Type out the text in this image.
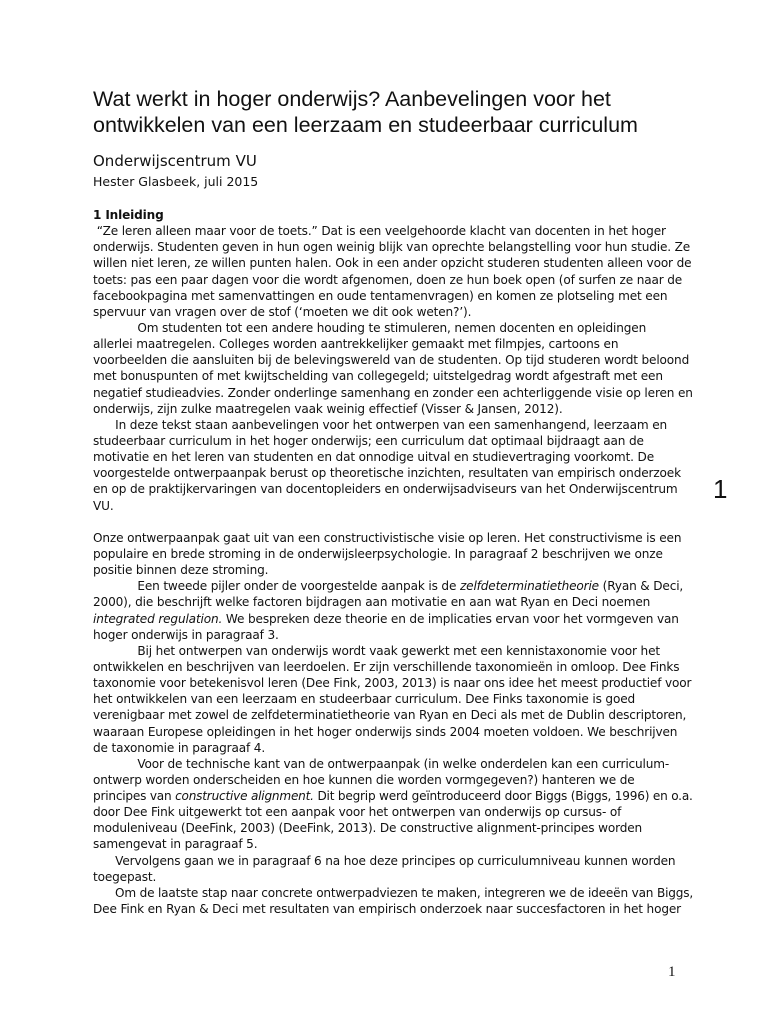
Wat werkt in hoger onderwijs? Aanbevelingen voor het
ontwikkelen van een leerzaam en studeerbaar curriculum
Onderwijscentrum VU
Hester Glasbeek, juli 2015
1 Inleiding
“Ze leren alleen maar voor de toets.” Dat is een veelgehoorde klacht van docenten in het hoger
onderwijs. Studenten geven in hun ogen weinig blijk van oprechte belangstelling voor hun studie. Ze
willen niet leren, ze willen punten halen. Ook in een ander opzicht studeren studenten alleen voor de
toets: pas een paar dagen voor die wordt afgenomen, doen ze hun boek open (of surfen ze naar de
facebookpagina met samenvattingen en oude tentamenvragen) en komen ze plotseling met een
spervuur van vragen over de stof (‘moeten we dit ook weten?’).
Om studenten tot een andere houding te stimuleren, nemen docenten en opleidingen
allerlei maatregelen. Colleges worden aantrekkelijker gemaakt met filmpjes, cartoons en
voorbeelden die aansluiten bij de belevingswereld van de studenten. Op tijd studeren wordt beloond
met bonuspunten of met kwijtschelding van collegegeld; uitstelgedrag wordt afgestraft met een
negatief studieadvies. Zonder onderlinge samenhang en zonder een achterliggende visie op leren en
onderwijs, zijn zulke maatregelen vaak weinig effectief (Visser & Jansen, 2012).
In deze tekst staan aanbevelingen voor het ontwerpen van een samenhangend, leerzaam en
studeerbaar curriculum in het hoger onderwijs; een curriculum dat optimaal bijdraagt aan de
motivatie en het leren van studenten en dat onnodige uitval en studievertraging voorkomt. De
voorgestelde ontwerpaanpak berust op theoretische inzichten, resultaten van empirisch onderzoek
en op de praktijkervaringen van docentopleiders en onderwijsadviseurs van het Onderwijscentrum
VU.
Onze ontwerpaanpak gaat uit van een constructivistische visie op leren. Het constructivisme is een
populaire en brede stroming in de onderwijsleerpsychologie. In paragraaf 2 beschrijven we onze
positie binnen deze stroming.
Een tweede pijler onder de voorgestelde aanpak is de zelfdeterminatietheorie (Ryan & Deci,
2000), die beschrijft welke factoren bijdragen aan motivatie en aan wat Ryan en Deci noemen
integrated regulation. We bespreken deze theorie en de implicaties ervan voor het vormgeven van
hoger onderwijs in paragraaf 3.
Bij het ontwerpen van onderwijs wordt vaak gewerkt met een kennistaxonomie voor het
ontwikkelen en beschrijven van leerdoelen. Er zijn verschillende taxonomieën in omloop. Dee Finks
taxonomie voor betekenisvol leren (Dee Fink, 2003, 2013) is naar ons idee het meest productief voor
het ontwikkelen van een leerzaam en studeerbaar curriculum. Dee Finks taxonomie is goed
verenigbaar met zowel de zelfdeterminatietheorie van Ryan en Deci als met de Dublin descriptoren,
waaraan Europese opleidingen in het hoger onderwijs sinds 2004 moeten voldoen. We beschrijven
de taxonomie in paragraaf 4.
Voor de technische kant van de ontwerpaanpak (in welke onderdelen kan een curriculum-
ontwerp worden onderscheiden en hoe kunnen die worden vormgegeven?) hanteren we de
principes van constructive alignment. Dit begrip werd geïntroduceerd door Biggs (Biggs, 1996) en o.a.
door Dee Fink uitgewerkt tot een aanpak voor het ontwerpen van onderwijs op cursus- of
moduleniveau (DeeFink, 2003) (DeeFink, 2013). De constructive alignment-principes worden
samengevat in paragraaf 5.
Vervolgens gaan we in paragraaf 6 na hoe deze principes op curriculumniveau kunnen worden
toegepast.
Om de laatste stap naar concrete ontwerpadviezen te maken, integreren we de ideeën van Biggs,
Dee Fink en Ryan & Deci met resultaten van empirisch onderzoek naar succesfactoren in het hoger
1
1
